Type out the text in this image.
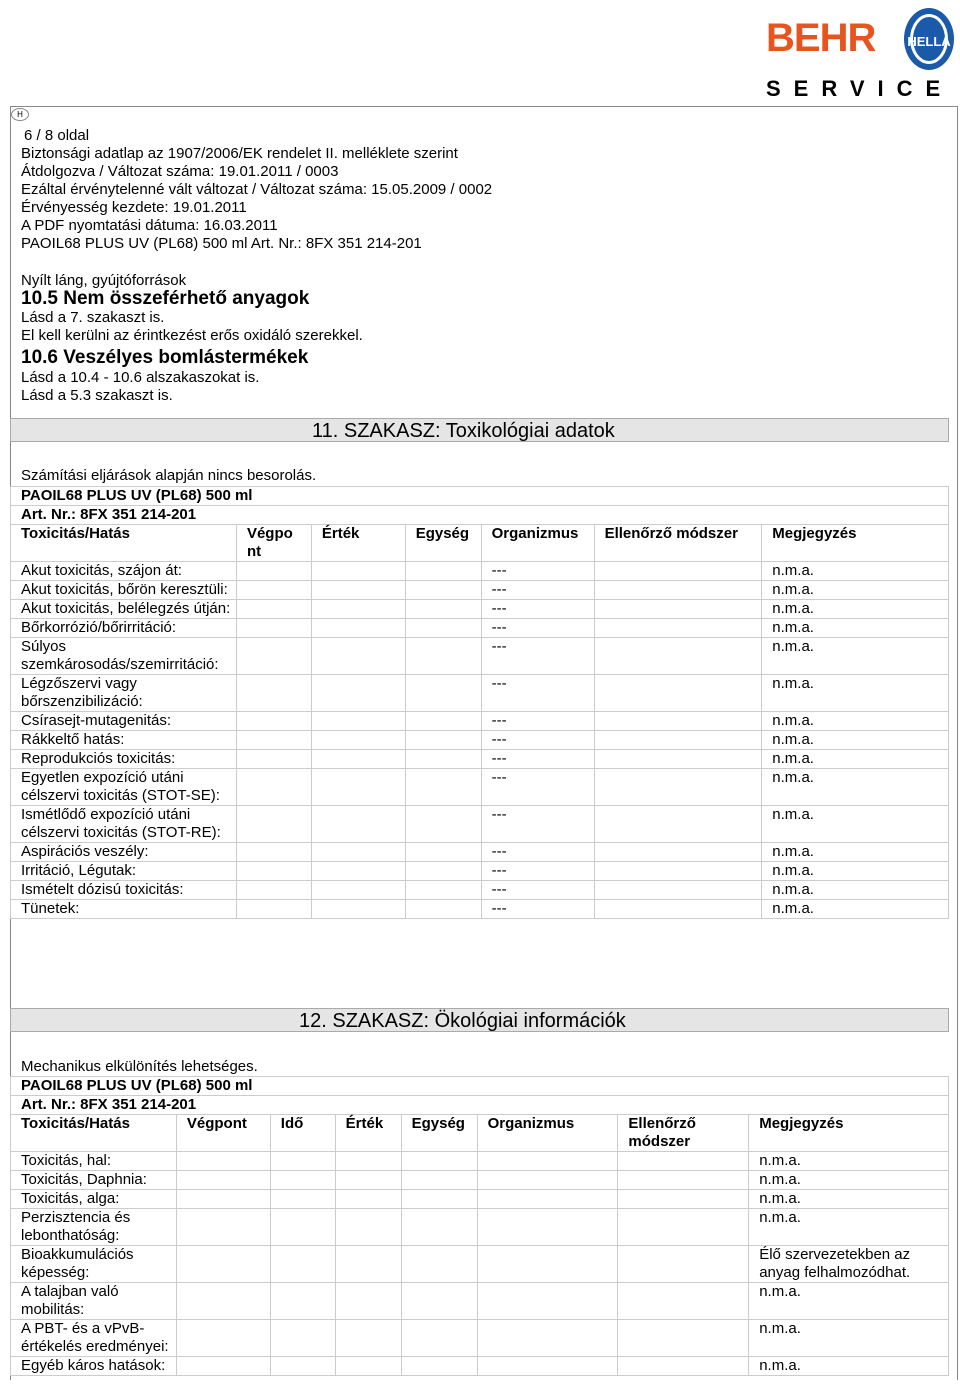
BEHR HELLA
SERVICE
H
6 / 8 oldal
Biztonsági adatlap az 1907/2006/EK rendelet II. melléklete szerint
Átdolgozva / Változat száma: 19.01.2011 / 0003
Ezáltal érvénytelenné vált változat / Változat száma: 15.05.2009 / 0002
Érvényesség kezdete: 19.01.2011
A PDF nyomtatási dátuma: 16.03.2011
PAOIL68 PLUS UV (PL68) 500 ml Art. Nr.: 8FX 351 214-201
Nyílt láng, gyújtóforrások
10.5 Nem összeférhető anyagok
Lásd a 7. szakaszt is.
El kell kerülni az érintkezést erős oxidáló szerekkel.
10.6 Veszélyes bomlástermékek
Lásd a 10.4 - 10.6 alszakaszokat is.
Lásd a 5.3 szakaszt is.
11. SZAKASZ: Toxikológiai adatok
Számítási eljárások alapján nincs besorolás.
PAOIL68 PLUS UV (PL68) 500 ml						
Art. Nr.: 8FX 351 214-201						
Toxicitás/Hatás	Végpo nt	Érték	Egység	Organizmus	Ellenőrző módszer	Megjegyzés
Akut toxicitás, szájon át:				---		n.m.a.
Akut toxicitás, bőrön keresztüli:				---		n.m.a.
Akut toxicitás, belélegzés útján:				---		n.m.a.
Bőrkorrózió/bőrirritáció:				---		n.m.a.
Súlyos szemkárosodás/szemirritáció:				---		n.m.a.
Légzőszervi vagy bőrszenzibilizáció:				---		n.m.a.
Csírasejt-mutagenitás:				---		n.m.a.
Rákkeltő hatás:				---		n.m.a.
Reprodukciós toxicitás:				---		n.m.a.
Egyetlen expozíció utáni célszervi toxicitás (STOT-SE):				---		n.m.a.
Ismétlődő expozíció utáni célszervi toxicitás (STOT-RE):				---		n.m.a.
Aspirációs veszély:				---		n.m.a.
Irritáció, Légutak:				---		n.m.a.
Ismételt dózisú toxicitás:				---		n.m.a.
Tünetek:				---		n.m.a.
12. SZAKASZ: Ökológiai információk
Mechanikus elkülönítés lehetséges.
PAOIL68 PLUS UV (PL68) 500 ml							
Art. Nr.: 8FX 351 214-201							
Toxicitás/Hatás	Végpont	Idő	Érték	Egység	Organizmus	Ellenőrző módszer	Megjegyzés
Toxicitás, hal:							n.m.a.
Toxicitás, Daphnia:							n.m.a.
Toxicitás, alga:							n.m.a.
Perzisztencia és lebonthatóság:							n.m.a.
Bioakkumulációs képesség:							Élő szervezetekben az anyag felhalmozódhat.
A talajban való mobilitás:							n.m.a.
A PBT- és a vPvB-értékelés eredményei:							n.m.a.
Egyéb káros hatások:							n.m.a.
